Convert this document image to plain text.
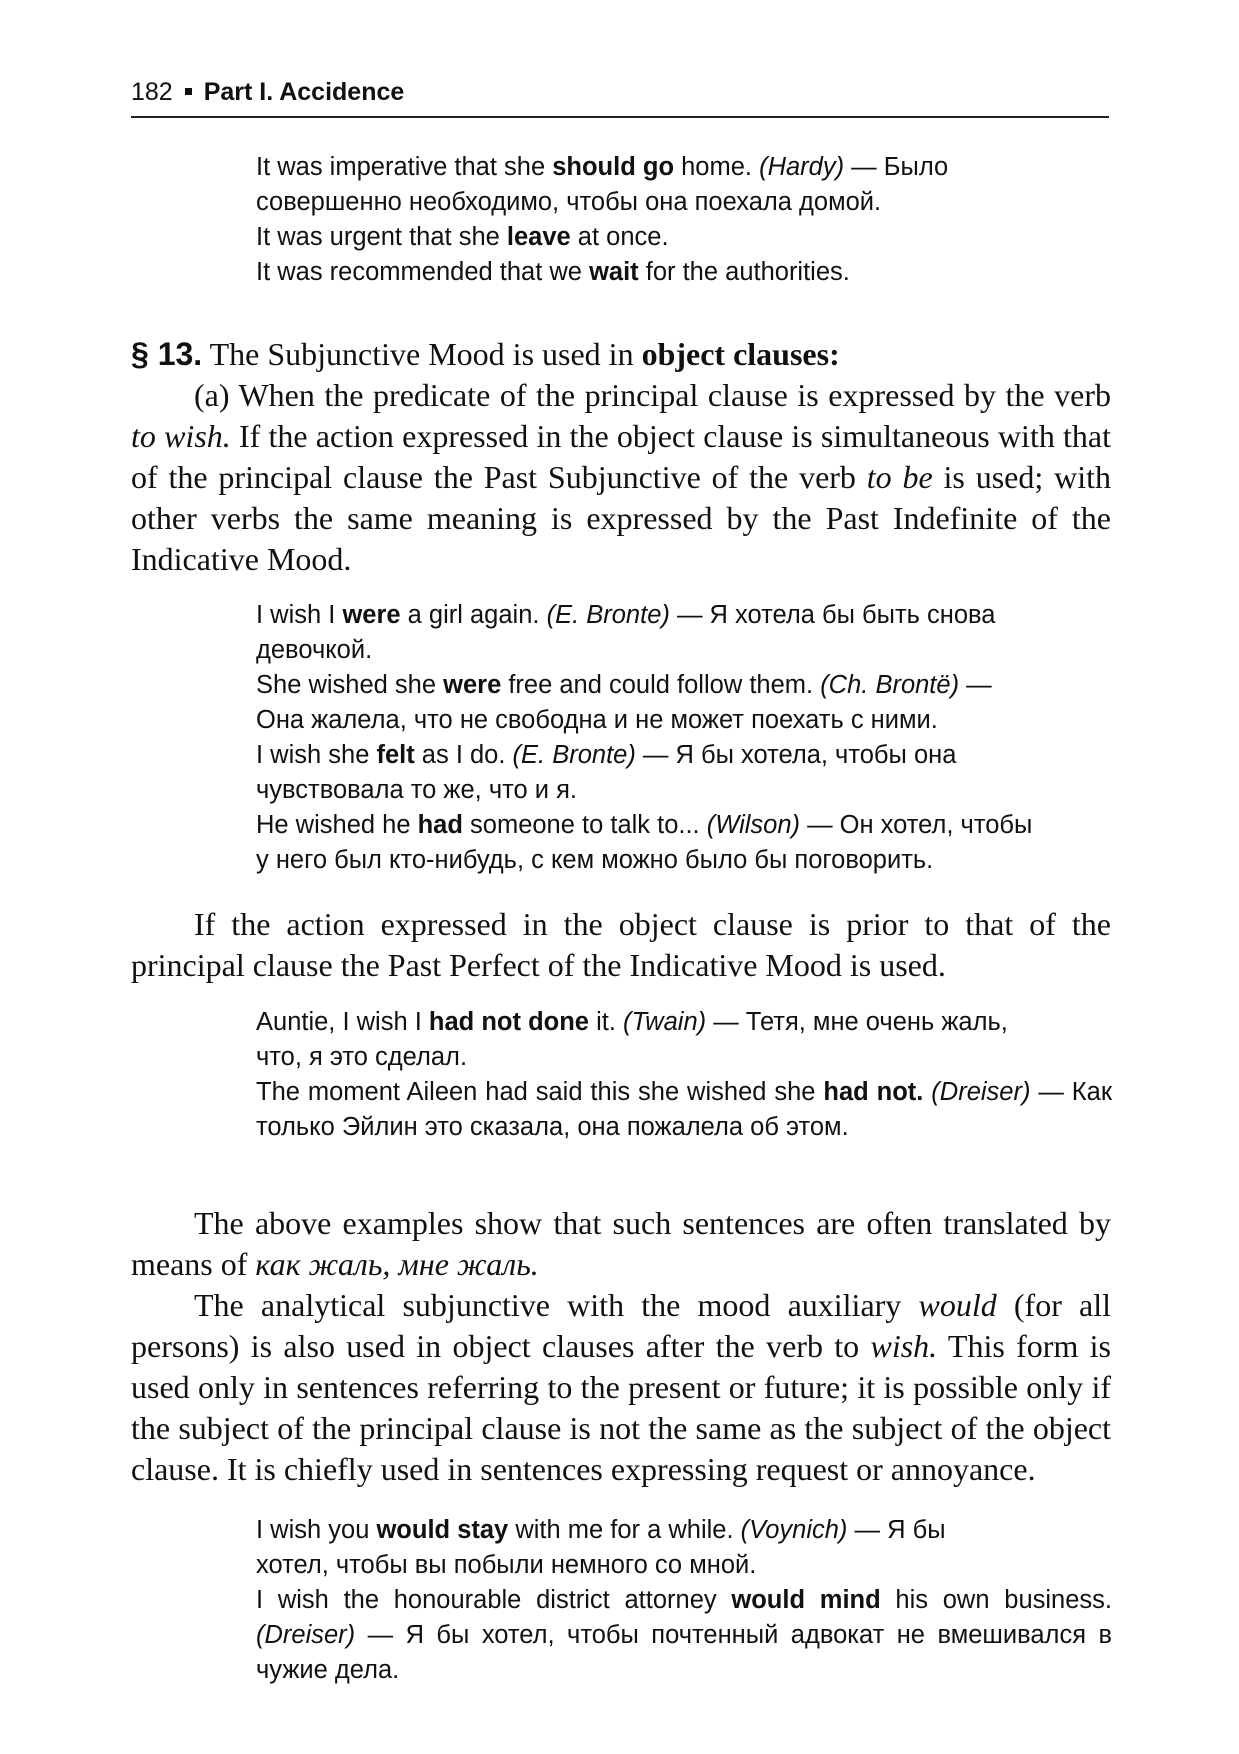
182 Part I. Accidence

It was imperative that she should go home. (Hardy) — Было
совершенно необходимо, чтобы она поехала домой.

It was urgent that she leave at once.

It was recommended that we wait for the authorities.

§ 13. The Subjunctive Mood is used in object clauses:

(a) When the predicate of the principal clause is expressed by the verb to wish. If the action expressed in the object clause is simultaneous with that of the principal clause the Past Subjunctive of the verb to be is used; with other verbs the same meaning is expressed by the Past Indefinite of the Indicative Mood.

I wish I were a girl again. (E. Bronte) — Я хотела бы быть снова
девочкой.

She wished she were free and could follow them. (Ch. Brontë) —
Она жалела, что не свободна и не может поехать с ними.

I wish she felt as I do. (E. Bronte) — Я бы хотела, чтобы она
чувствовала то же, что и я.

He wished he had someone to talk to... (Wilson) — Он хотел, чтобы
у него был кто-нибудь, с кем можно было бы поговорить.

If the action expressed in the object clause is prior to that of the principal clause the Past Perfect of the Indicative Mood is used.

Auntie, I wish I had not done it. (Twain) — Тетя, мне очень жаль,
что, я это сделал.

The moment Aileen had said this she wished she had not. (Dreiser) — Как только Эйлин это сказала, она пожалела об этом.

The above examples show that such sentences are often translated by means of как жаль, мне жаль.

The analytical subjunctive with the mood auxiliary would (for all persons) is also used in object clauses after the verb to wish. This form is used only in sentences referring to the present or future; it is possible only if the subject of the principal clause is not the same as the subject of the object clause. It is chiefly used in sentences expressing request or annoyance.

I wish you would stay with me for a while. (Voynich) — Я бы
хотел, чтобы вы побыли немного со мной.

I wish the honourable district attorney would mind his own business. (Dreiser) — Я бы хотел, чтобы почтенный адвокат не вмешивался в чужие дела.
